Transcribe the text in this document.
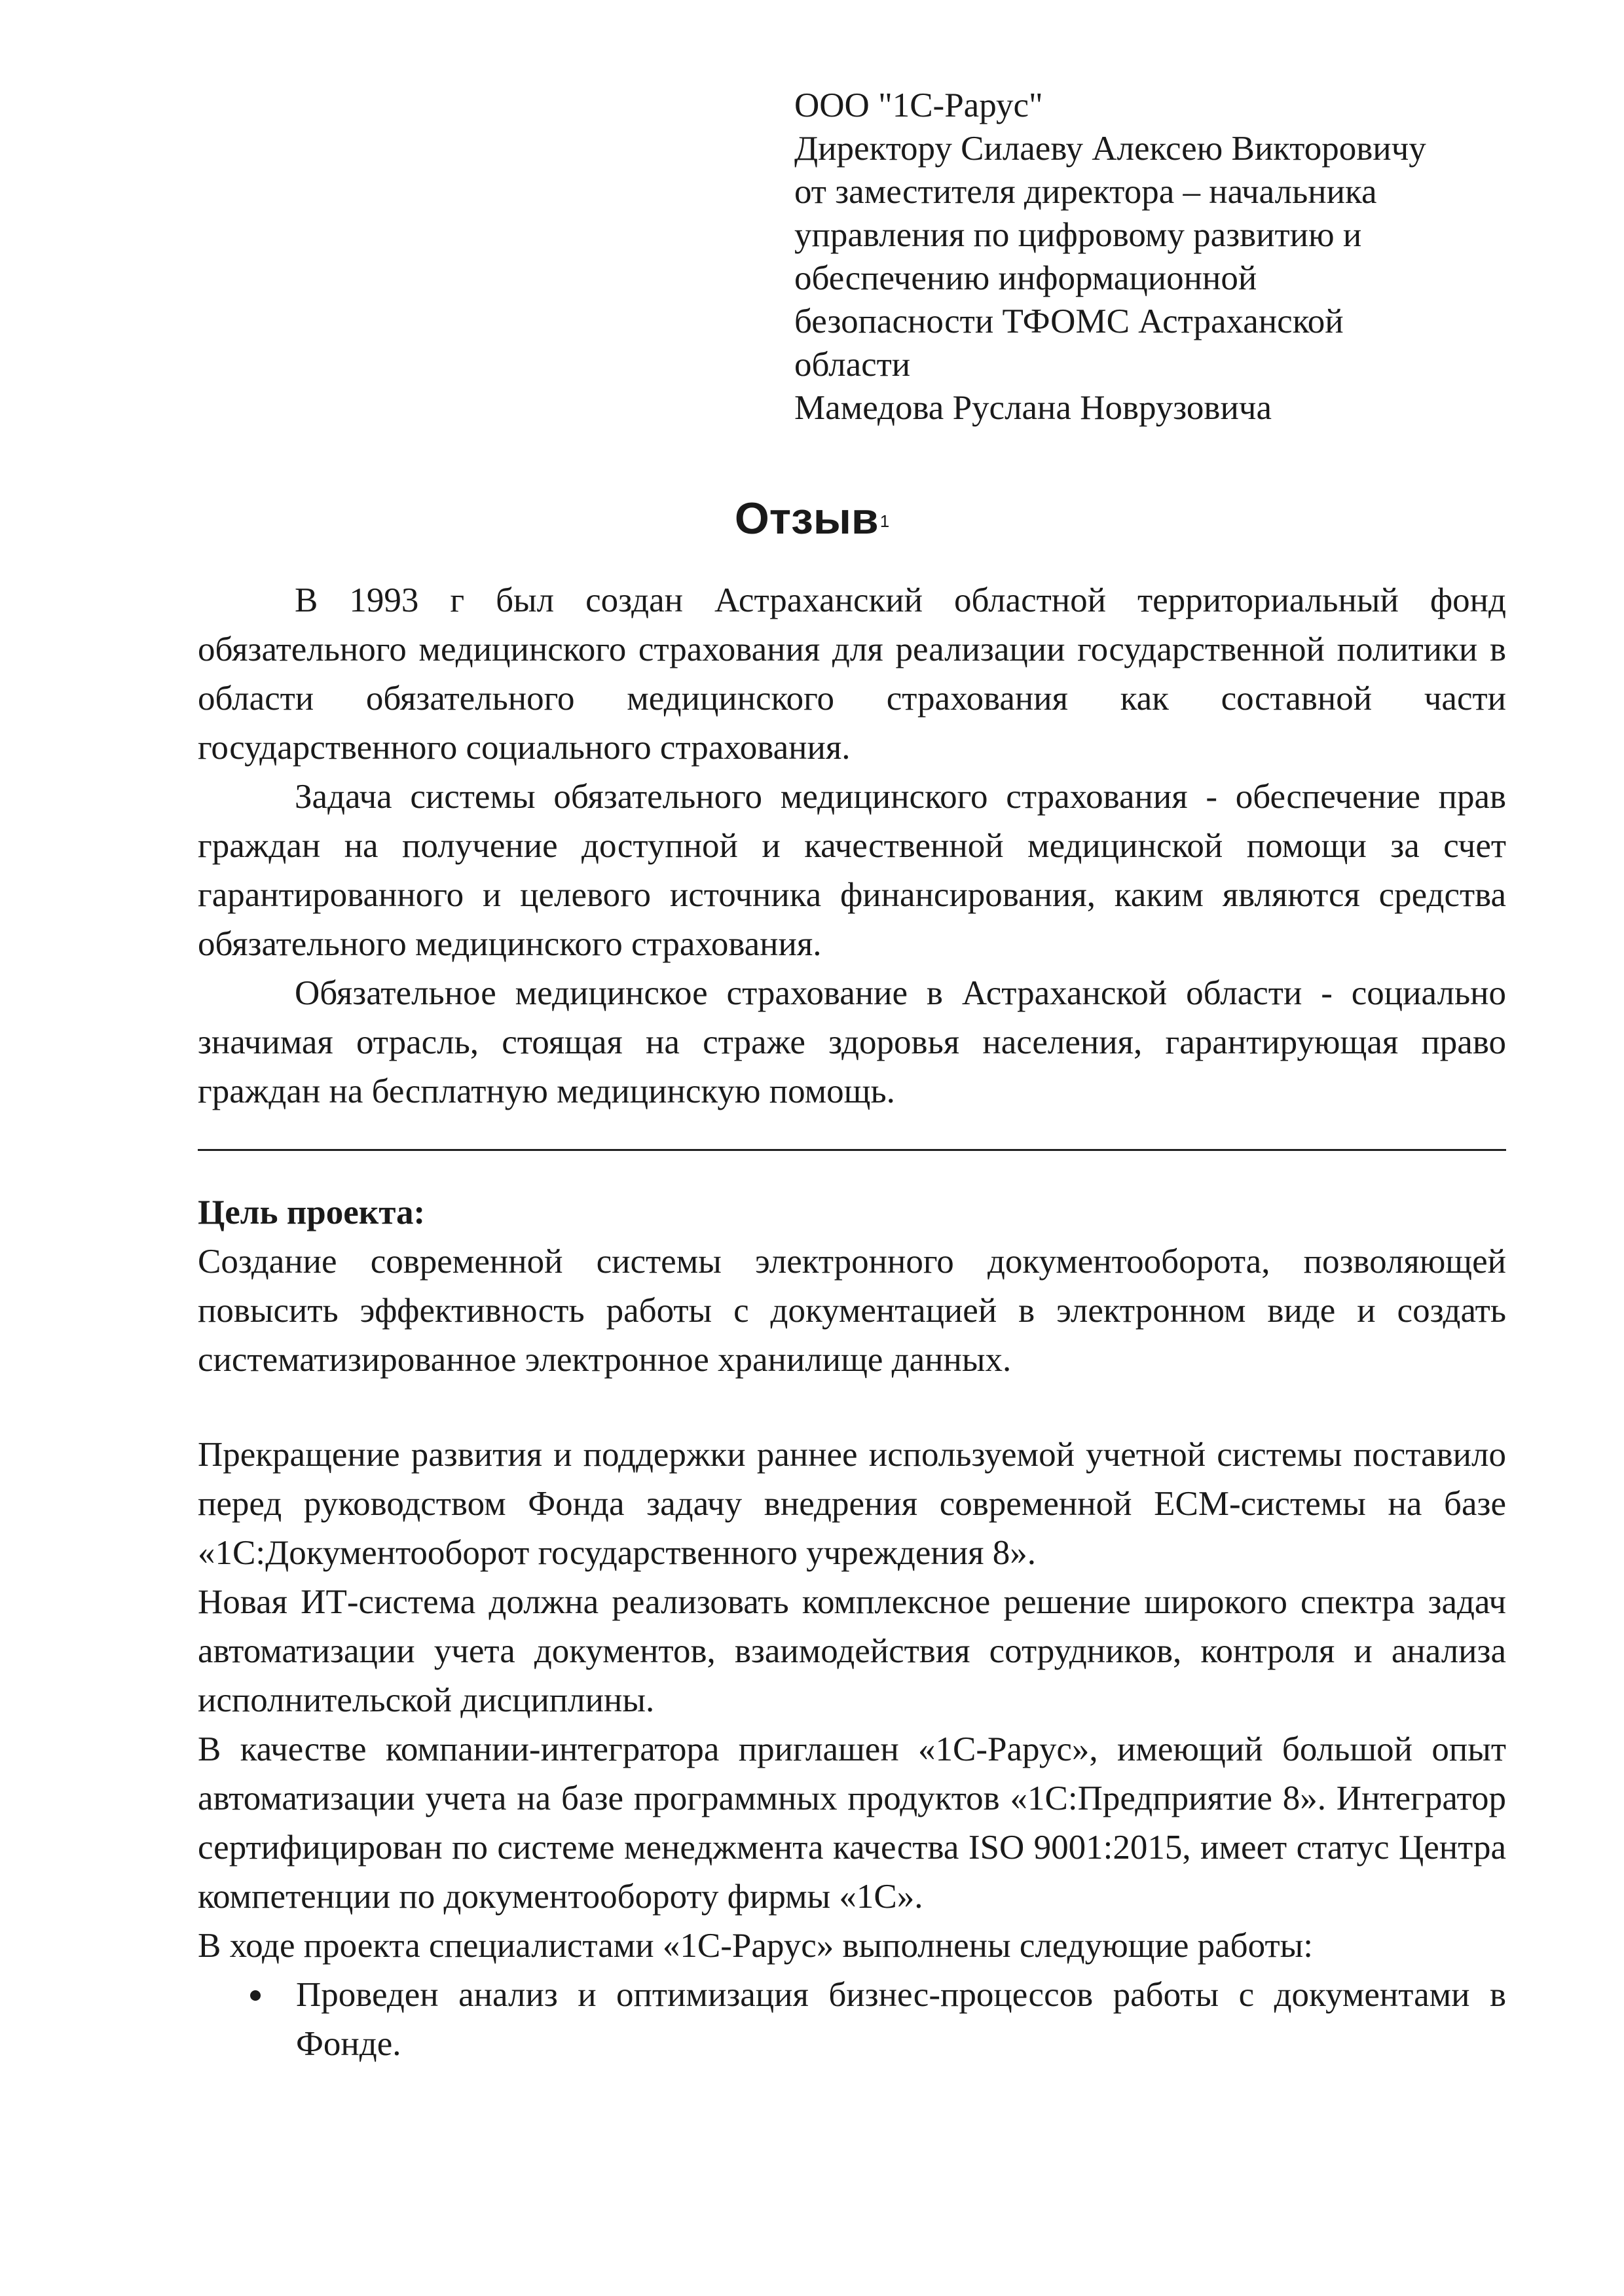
ООО "1С-Рарус"
Директору Силаеву Алексею Викторовичу
от заместителя директора – начальника
управления по цифровому развитию и
обеспечению информационной
безопасности ТФОМС Астраханской
области
Мамедова Руслана Новрузовича
Отзыв$^1$

В 1993 г был создан Астраханский областной территориальный фонд обязательного медицинского страхования для реализации государственной политики в области обязательного медицинского страхования как составной части государственного социального страхования.

Задача системы обязательного медицинского страхования - обеспечение прав граждан на получение доступной и качественной медицинской помощи за счет гарантированного и целевого источника финансирования, каким являются средства обязательного медицинского страхования.

Обязательное медицинское страхование в Астраханской области - социально значимая отрасль, стоящая на страже здоровья населения, гарантирующая право граждан на бесплатную медицинскую помощь.

Цель проекта:

Создание современной системы электронного документооборота, позволяющей повысить эффективность работы с документацией в электронном виде и создать систематизированное электронное хранилище данных.

Прекращение развития и поддержки раннее используемой учетной системы поставило перед руководством Фонда задачу внедрения современной ЕСМ-системы на базе «1С:Документооборот государственного учреждения 8».

Новая ИТ-система должна реализовать комплексное решение широкого спектра задач автоматизации учета документов, взаимодействия сотрудников, контроля и анализа исполнительской дисциплины.

В качестве компании-интегратора приглашен «1С-Рарус», имеющий большой опыт автоматизации учета на базе программных продуктов «1С:Предприятие 8». Интегратор сертифицирован по системе менеджмента качества ISO 9001:2015, имеет статус Центра компетенции по документообороту фирмы «1С».

В ходе проекта специалистами «1С-Рарус» выполнены следующие работы:

Проведен анализ и оптимизация бизнес-процессов работы с документами в Фонде.
